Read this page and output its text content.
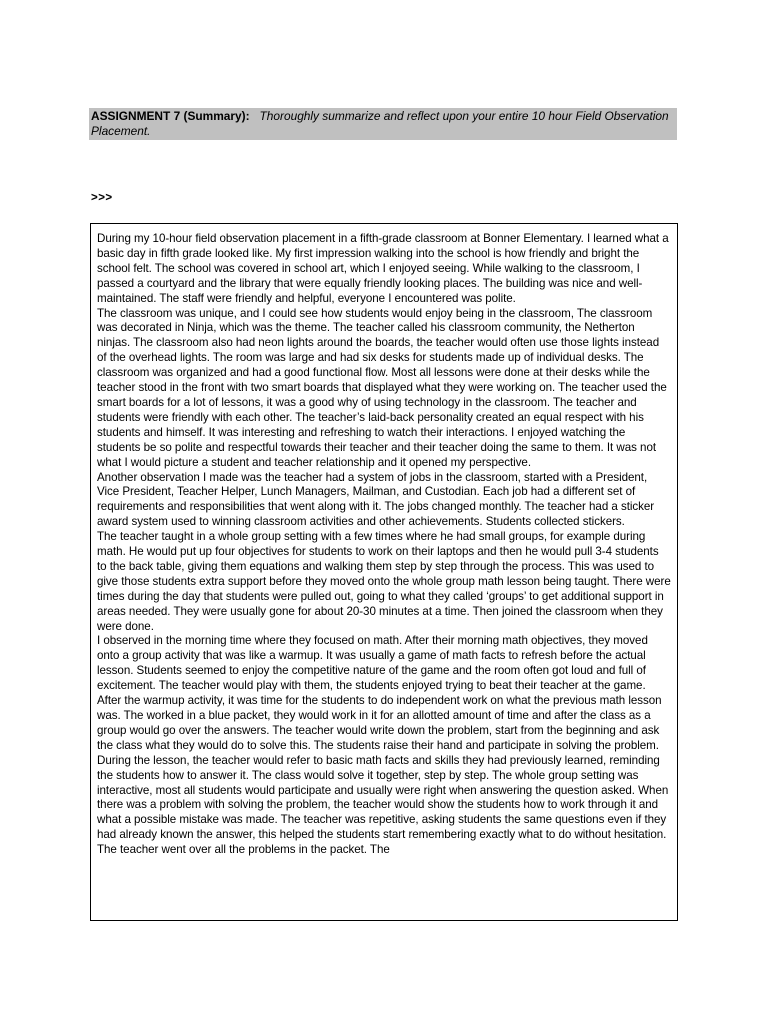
ASSIGNMENT 7 (Summary): Thoroughly summarize and reflect upon your entire 10 hour Field Observation Placement.
>>>

During my 10-hour field observation placement in a fifth-grade classroom at Bonner Elementary. I learned what a basic day in fifth grade looked like. My first impression walking into the school is how friendly and bright the school felt. The school was covered in school art, which I enjoyed seeing. While walking to the classroom, I passed a courtyard and the library that were equally friendly looking places. The building was nice and well-maintained. The staff were friendly and helpful, everyone I encountered was polite.

The classroom was unique, and I could see how students would enjoy being in the classroom, The classroom was decorated in Ninja, which was the theme. The teacher called his classroom community, the Netherton ninjas. The classroom also had neon lights around the boards, the teacher would often use those lights instead of the overhead lights. The room was large and had six desks for students made up of individual desks. The classroom was organized and had a good functional flow. Most all lessons were done at their desks while the teacher stood in the front with two smart boards that displayed what they were working on. The teacher used the smart boards for a lot of lessons, it was a good why of using technology in the classroom. The teacher and students were friendly with each other. The teacher’s laid-back personality created an equal respect with his students and himself. It was interesting and refreshing to watch their interactions. I enjoyed watching the students be so polite and respectful towards their teacher and their teacher doing the same to them. It was not what I would picture a student and teacher relationship and it opened my perspective.

Another observation I made was the teacher had a system of jobs in the classroom, started with a President, Vice President, Teacher Helper, Lunch Managers, Mailman, and Custodian. Each job had a different set of requirements and responsibilities that went along with it. The jobs changed monthly. The teacher had a sticker award system used to winning classroom activities and other achievements. Students collected stickers.

The teacher taught in a whole group setting with a few times where he had small groups, for example during math. He would put up four objectives for students to work on their laptops and then he would pull 3-4 students to the back table, giving them equations and walking them step by step through the process. This was used to give those students extra support before they moved onto the whole group math lesson being taught. There were times during the day that students were pulled out, going to what they called ‘groups’ to get additional support in areas needed. They were usually gone for about 20-30 minutes at a time. Then joined the classroom when they were done.

I observed in the morning time where they focused on math. After their morning math objectives, they moved onto a group activity that was like a warmup. It was usually a game of math facts to refresh before the actual lesson. Students seemed to enjoy the competitive nature of the game and the room often got loud and full of excitement. The teacher would play with them, the students enjoyed trying to beat their teacher at the game. After the warmup activity, it was time for the students to do independent work on what the previous math lesson was. The worked in a blue packet, they would work in it for an allotted amount of time and after the class as a group would go over the answers. The teacher would write down the problem, start from the beginning and ask the class what they would do to solve this. The students raise their hand and participate in solving the problem. During the lesson, the teacher would refer to basic math facts and skills they had previously learned, reminding the students how to answer it. The class would solve it together, step by step. The whole group setting was interactive, most all students would participate and usually were right when answering the question asked. When there was a problem with solving the problem, the teacher would show the students how to work through it and what a possible mistake was made. The teacher was repetitive, asking students the same questions even if they had already known the answer, this helped the students start remembering exactly what to do without hesitation. The teacher went over all the problems in the packet. The
